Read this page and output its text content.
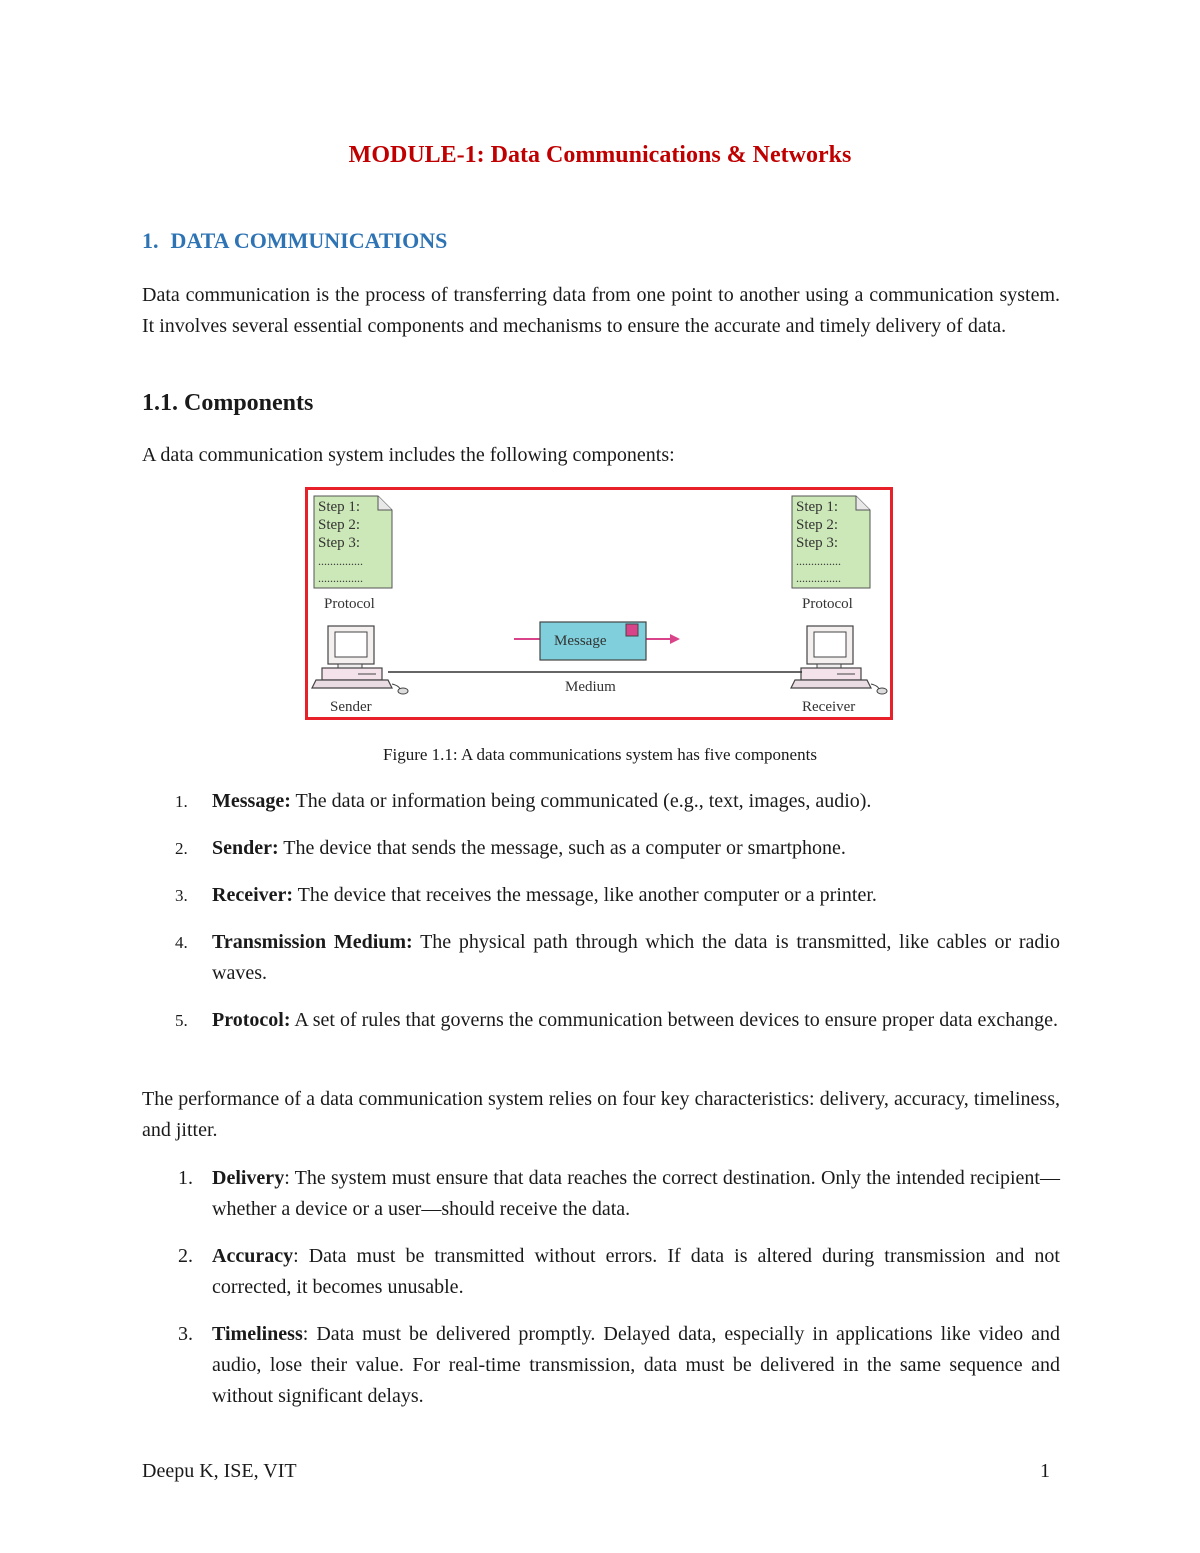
MODULE-1: Data Communications & Networks
1. DATA COMMUNICATIONS
Data communication is the process of transferring data from one point to another using a communication system. It involves several essential components and mechanisms to ensure the accurate and timely delivery of data.
1.1. Components
A data communication system includes the following components:
Step 1:
Step 2:
Step 3:
...............
...............
Protocol
Step 1:
Step 2:
Step 3:
...............
...............
Protocol
Medium
Message
Sender	Receiver
Figure 1.1: A data communications system has five components
1. Message: The data or information being communicated (e.g., text, images, audio).
2. Sender: The device that sends the message, such as a computer or smartphone.
3. Receiver: The device that receives the message, like another computer or a printer.
4. Transmission Medium: The physical path through which the data is transmitted, like cables or radio waves.
5. Protocol: A set of rules that governs the communication between devices to ensure proper data exchange.
The performance of a data communication system relies on four key characteristics: delivery, accuracy, timeliness, and jitter.
1. Delivery: The system must ensure that data reaches the correct destination. Only the intended recipient—whether a device or a user—should receive the data.
2. Accuracy: Data must be transmitted without errors. If data is altered during transmission and not corrected, it becomes unusable.
3. Timeliness: Data must be delivered promptly. Delayed data, especially in applications like video and audio, lose their value. For real-time transmission, data must be delivered in the same sequence and without significant delays.
Deepu K, ISE, VIT	1
